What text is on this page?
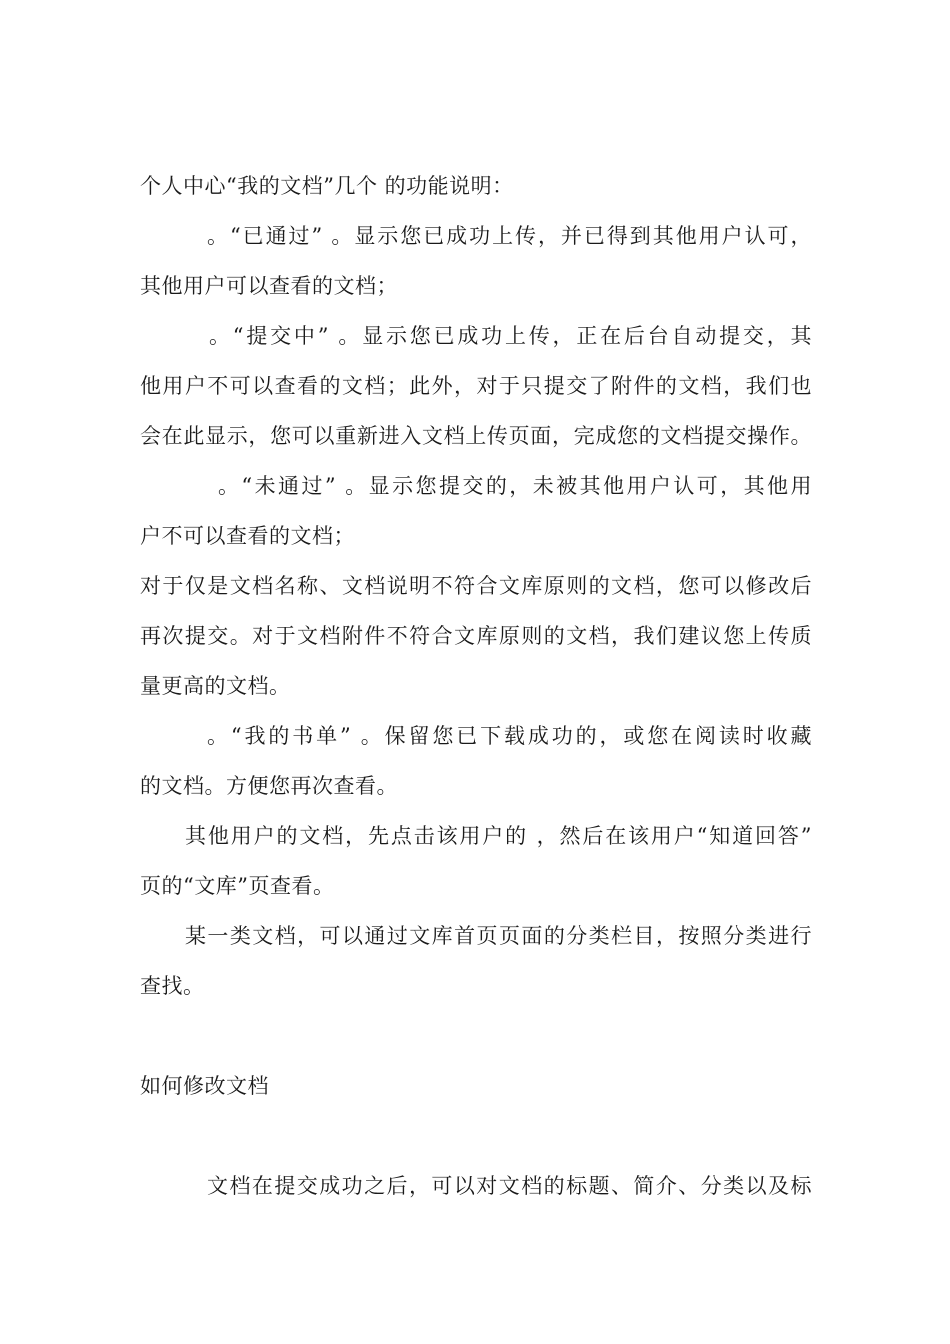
个人中心“我的文档”几个 的功能说明：
。“已通过” 。显示您已成功上传，并已得到其他用户认可，
其他用户可以查看的文档；
。“提交中” 。显示您已成功上传，正在后台自动提交，其
他用户不可以查看的文档；此外，对于只提交了附件的文档，我们也
会在此显示，您可以重新进入文档上传页面，完成您的文档提交操作。
。“未通过” 。显示您提交的，未被其他用户认可，其他用
户不可以查看的文档；
对于仅是文档名称、文档说明不符合文库原则的文档，您可以修改后
再次提交。对于文档附件不符合文库原则的文档，我们建议您上传质
量更高的文档。
。“我的书单” 。保留您已下载成功的，或您在阅读时收藏
的文档。方便您再次查看。
其他用户的文档，先点击该用户的 ，然后在该用户“知道回答”
页的“文库”页查看。
某一类文档，可以通过文库首页页面的分类栏目，按照分类进行
查找。
如何修改文档
文档在提交成功之后，可以对文档的标题、简介、分类以及标
